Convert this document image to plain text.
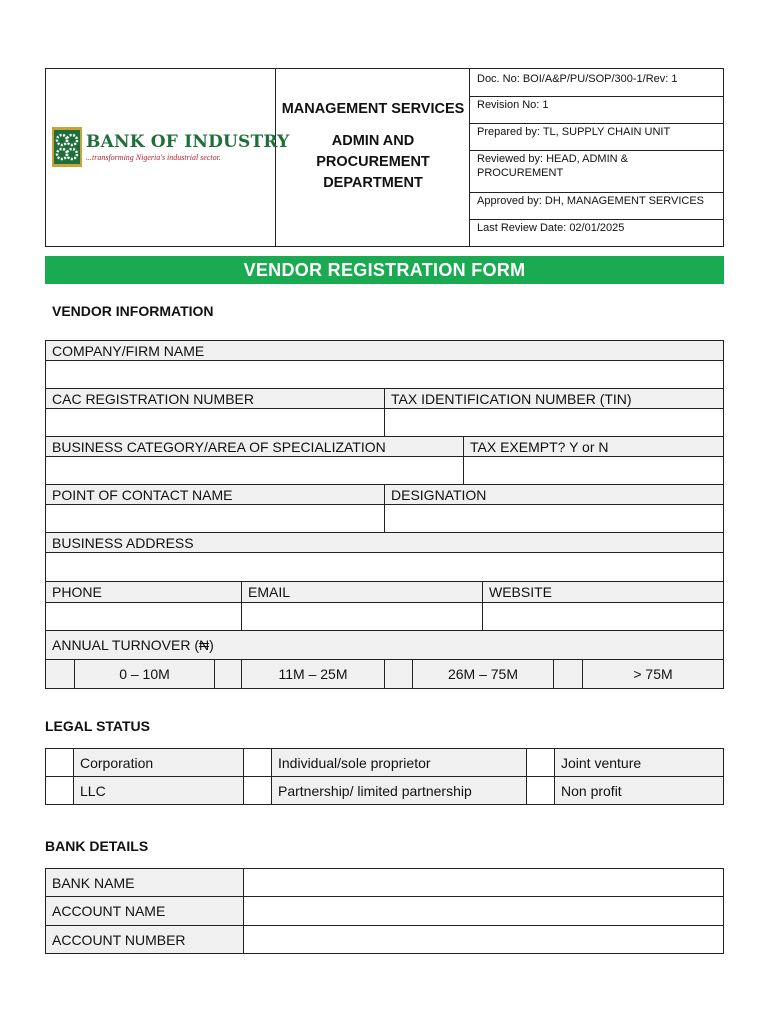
BANK OF INDUSTRY
...transforming Nigeria's industrial sector.
MANAGEMENT SERVICES
ADMIN AND
PROCUREMENT
DEPARTMENT
Doc. No: BOI/A&P/PU/SOP/300-1/Rev: 1
Revision No: 1
Prepared by: TL, SUPPLY CHAIN UNIT
Reviewed by: HEAD, ADMIN &
PROCUREMENT
Approved by: DH, MANAGEMENT SERVICES
Last Review Date: 02/01/2025
VENDOR REGISTRATION FORM
VENDOR INFORMATION
COMPANY/FIRM NAME
CAC REGISTRATION NUMBER	TAX IDENTIFICATION NUMBER (TIN)
BUSINESS CATEGORY/AREA OF SPECIALIZATION	TAX EXEMPT? Y or N
POINT OF CONTACT NAME	DESIGNATION
BUSINESS ADDRESS
PHONE	EMAIL	WEBSITE
ANNUAL TURNOVER (₦)
0 – 10M	11M – 25M	26M – 75M	> 75M
LEGAL STATUS
Corporation	Individual/sole proprietor	Joint venture
LLC	Partnership/ limited partnership	Non profit
BANK DETAILS
BANK NAME
ACCOUNT NAME
ACCOUNT NUMBER
